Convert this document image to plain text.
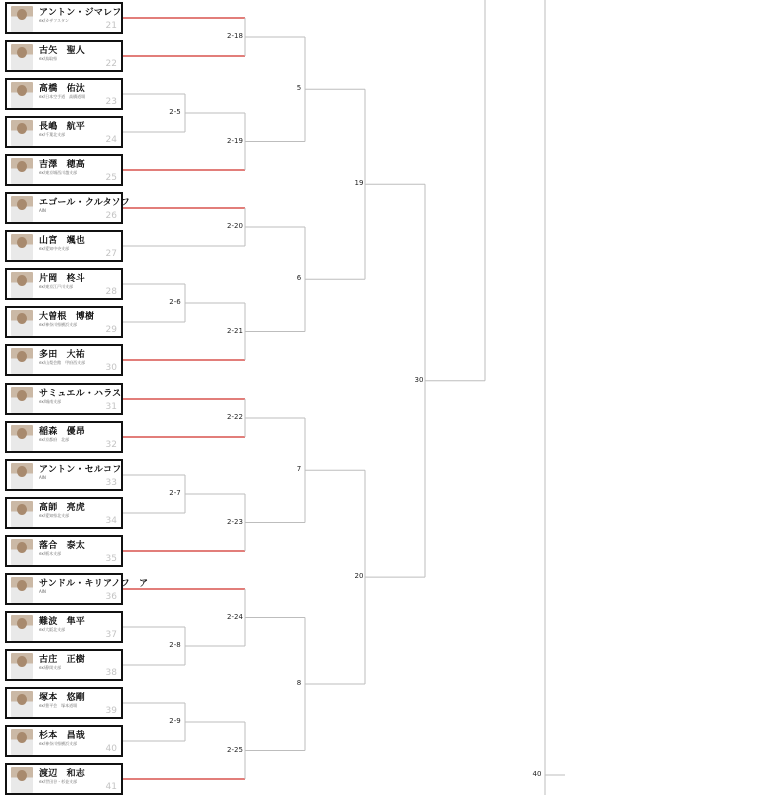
アントン・ジマレフ
ex/カザフスタン
21
古矢　聖人
ex/鳥取県
22
髙橋　佑汰
ex/日本空手道　高橋道場
23
長嶋　航平
ex/千葉北支部
24
吉澤　穂高
ex/東京城西川越支部
25
エゴール・クルタソフ
AIN
26
山宮　颯也
ex/愛知中央支部
27
片岡　柊斗
ex/東京江戸川支部
28
大曽根　博樹
ex/神奈川県横浜支部
29
多田　大祐
ex/山梨会館　甲府西支部
30
サミュエル・ハラス
ex/城南支部
31
稲森　優昂
ex/京都府　北部
32
アントン・セルコフ
AIN
33
髙師　亮虎
ex/愛知県北支部
34
落合　泰太
ex/栃木支部
35
サンドル・キリアノフ　ア
AIN
36
難波　隼平
ex/大阪北支部
37
古庄　正樹
ex/静岡支部
38
塚本　悠剛
ex/豊平会　塚本道場
39
杉本　昌哉
ex/神奈川県横浜支部
40
渡辺　和志
ex/世田谷・杉並支部
41
2-18
2-5
2-19
2-20
2-6
2-21
2-22
2-7
2-23
2-8
2-24
2-9
2-25
5
6
7
8
19
20
30
40
